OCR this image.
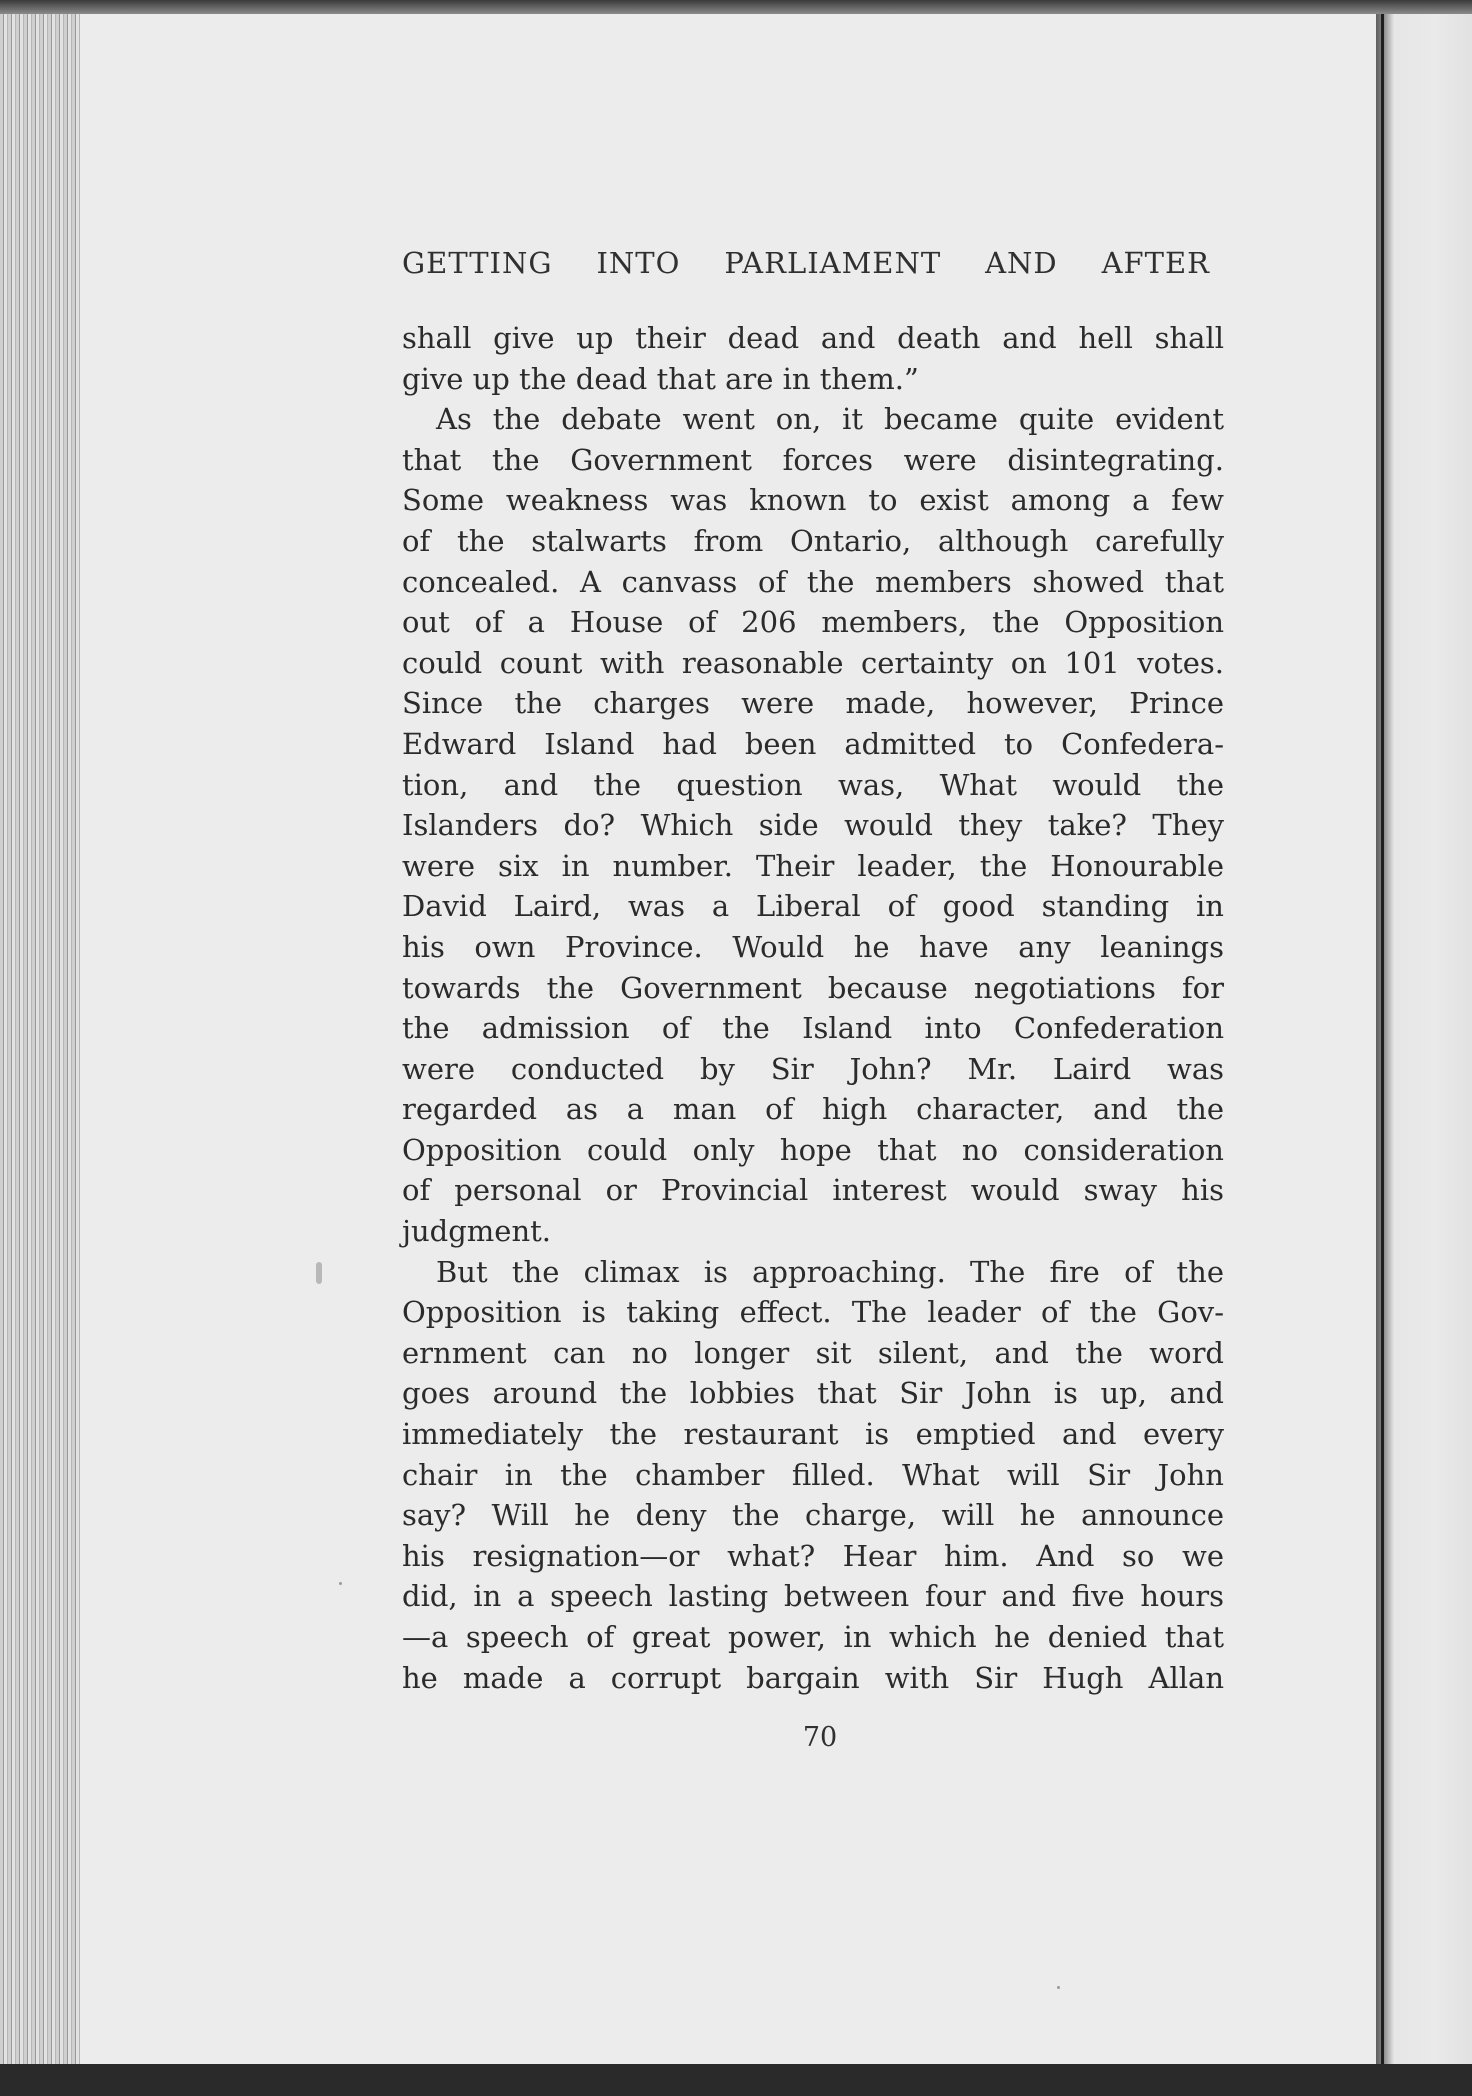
GETTING INTO PARLIAMENT AND AFTER
shall give up their dead and death and hell shall
give up the dead that are in them.”
As the debate went on, it became quite evident
that the Government forces were disintegrating.
Some weakness was known to exist among a few
of the stalwarts from Ontario, although carefully
concealed. A canvass of the members showed that
out of a House of 206 members, the Opposition
could count with reasonable certainty on 101 votes.
Since the charges were made, however, Prince
Edward Island had been admitted to Confedera-
tion, and the question was, What would the
Islanders do? Which side would they take? They
were six in number. Their leader, the Honourable
David Laird, was a Liberal of good standing in
his own Province. Would he have any leanings
towards the Government because negotiations for
the admission of the Island into Confederation
were conducted by Sir John? Mr. Laird was
regarded as a man of high character, and the
Opposition could only hope that no consideration
of personal or Provincial interest would sway his
judgment.
But the climax is approaching. The fire of the
Opposition is taking effect. The leader of the Gov-
ernment can no longer sit silent, and the word
goes around the lobbies that Sir John is up, and
immediately the restaurant is emptied and every
chair in the chamber filled. What will Sir John
say? Will he deny the charge, will he announce
his resignation—or what? Hear him. And so we
did, in a speech lasting between four and five hours
—a speech of great power, in which he denied that
he made a corrupt bargain with Sir Hugh Allan
70
